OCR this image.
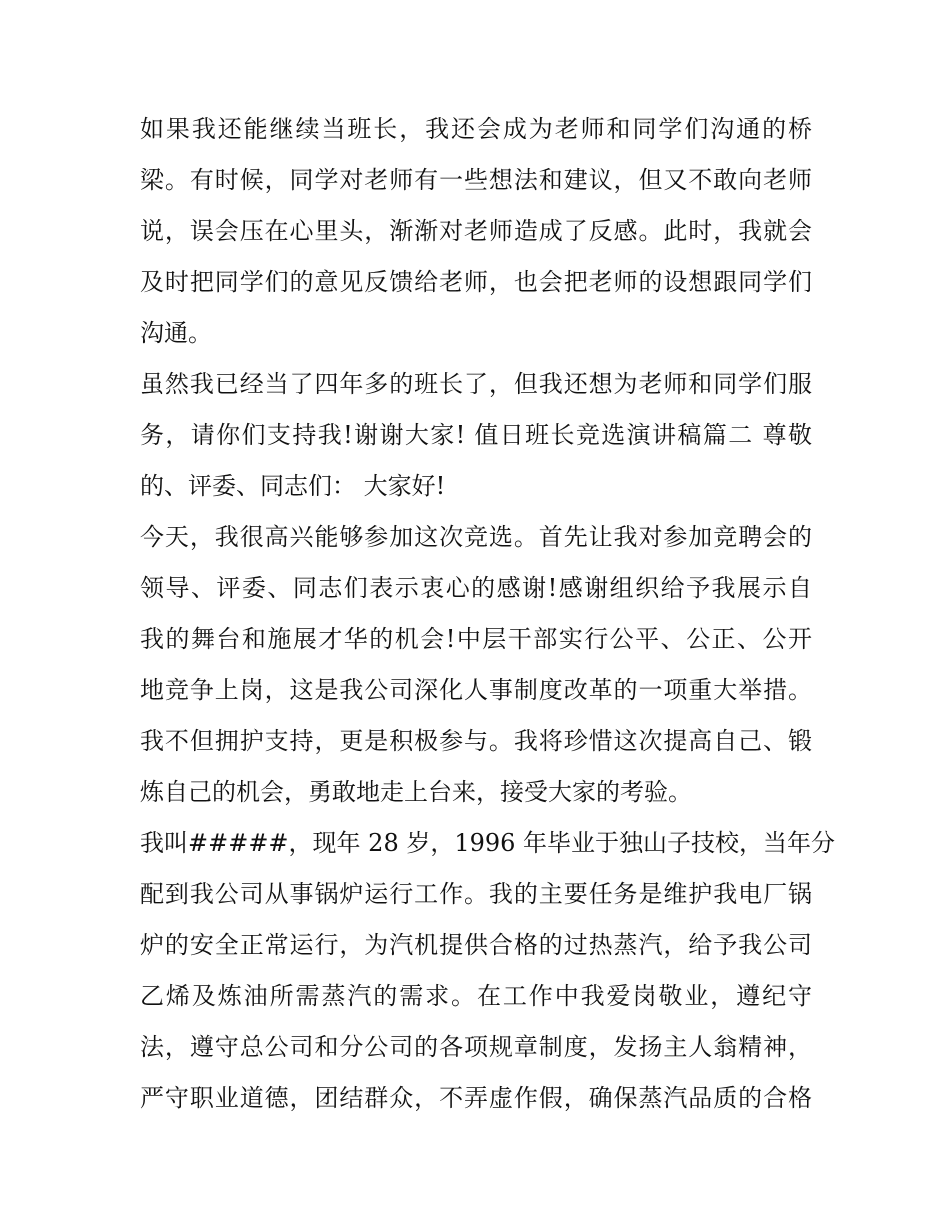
如果我还能继续当班长，我还会成为老师和同学们沟通的桥
梁。有时候，同学对老师有一些想法和建议，但又不敢向老师
说，误会压在心里头，渐渐对老师造成了反感。此时，我就会
及时把同学们的意见反馈给老师，也会把老师的设想跟同学们
沟通。
虽然我已经当了四年多的班长了，但我还想为老师和同学们服
务，请你们支持我!谢谢大家! 值日班长竞选演讲稿篇二 尊敬
的、评委、同志们： 大家好!
今天，我很高兴能够参加这次竞选。首先让我对参加竞聘会的
领导、评委、同志们表示衷心的感谢!感谢组织给予我展示自
我的舞台和施展才华的机会!中层干部实行公平、公正、公开
地竞争上岗，这是我公司深化人事制度改革的一项重大举措。
我不但拥护支持，更是积极参与。我将珍惜这次提高自己、锻
炼自己的机会，勇敢地走上台来，接受大家的考验。
我叫#####，现年 28 岁，1996 年毕业于独山子技校，当年分
配到我公司从事锅炉运行工作。我的主要任务是维护我电厂锅
炉的安全正常运行，为汽机提供合格的过热蒸汽，给予我公司
乙烯及炼油所需蒸汽的需求。在工作中我爱岗敬业，遵纪守
法，遵守总公司和分公司的各项规章制度，发扬主人翁精神，
严守职业道德，团结群众，不弄虚作假，确保蒸汽品质的合格
